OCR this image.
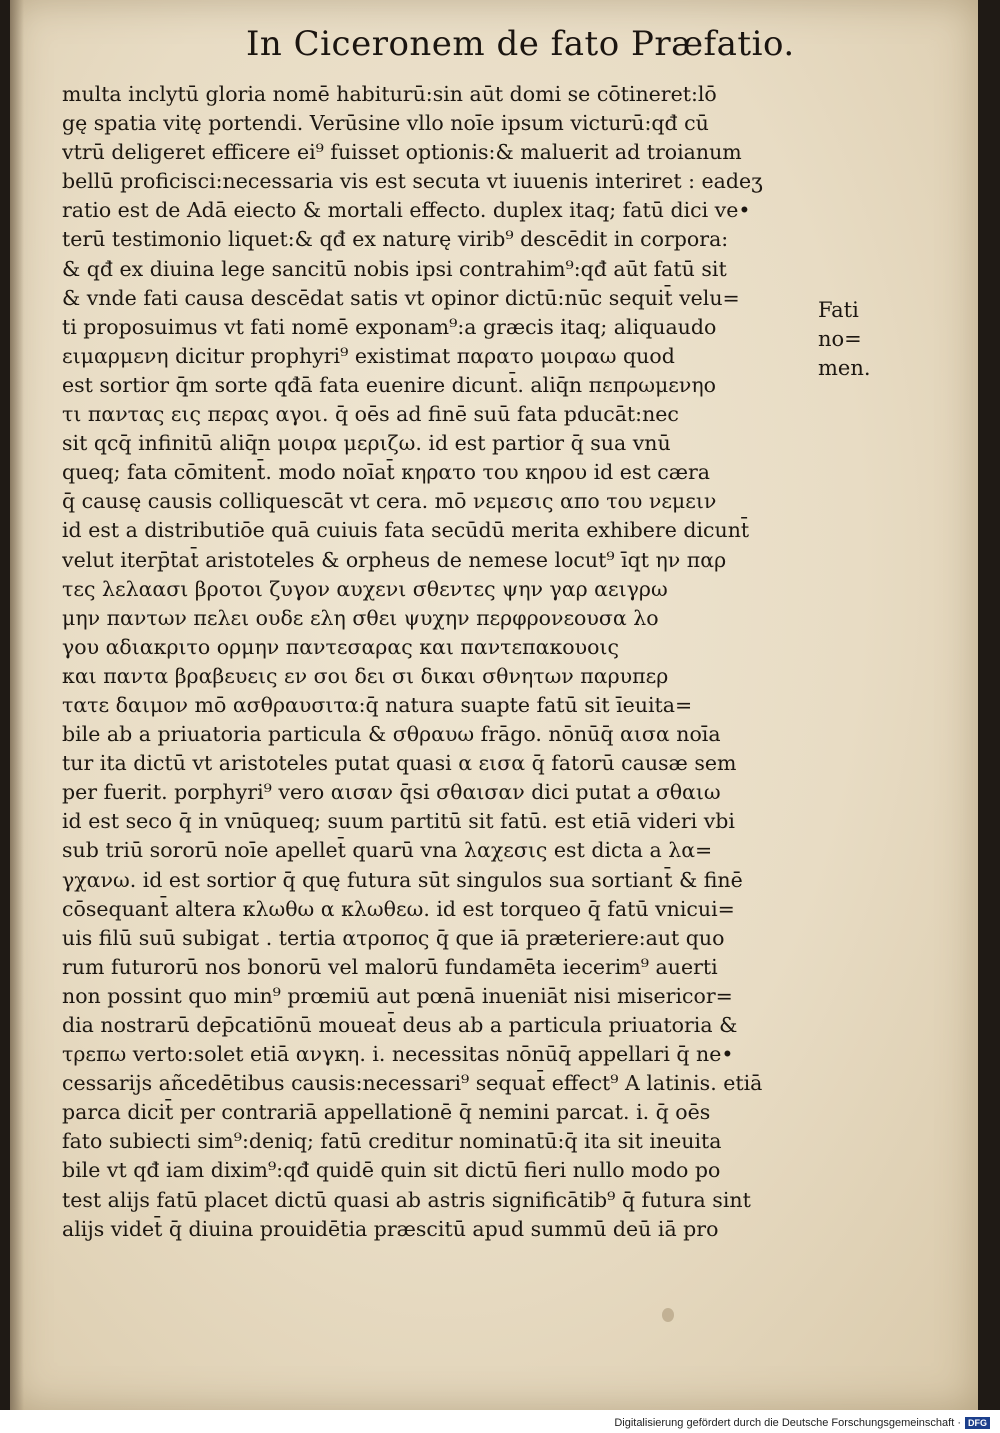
In Ciceronem de fato Præfatio.
multa inclytū gloria nomē habiturū:sin aūt domi se cōtineret:lō
gę spatia vitę portendi. Verūsine vllo noīe ipsum victurū:qđ cū
vtrū deligeret efficere ei⁹ fuisset optionis:& maluerit ad troianum
bellū proficisci:necessaria vis est secuta vt iuuenis interiret : eadeʒ
ratio est de Adā eiecto & mortali effecto. duplex itaq; fatū dici ve•
terū testimonio liquet:& qđ ex naturę virib⁹ descēdit in corpora:
& qđ ex diuina lege sancitū nobis ipsi contrahim⁹:qđ aūt fatū sit
& vnde fati causa descēdat satis vt opinor dictū:nūc sequit̄ velu=
ti proposuimus vt fati nomē exponam⁹:a græcis itaq; aliquaudo
ειμαρμενη dicitur prophyri⁹ existimat παρατο μοιραω quod
est sortior q̄m sorte qđā fata euenire dicunt̄. aliq̄n πεπρωμενηο
τι παντας εις περας αγοι. q̄ oēs ad finē suū fata pducāt:nec
sit qcq̄ infinitū aliq̄n μοιρα μεριζω. id est partior q̄ sua vnū
queq; fata cōmitent̄. modo noīat̄ κηρατο του κηρου id est cæra
q̄ causę causis colliquescāt vt cera. mō νεμεσις απο του νεμειν
id est a distributiōe quā cuiuis fata secūdū merita exhibere dicunt̄
velut iterp̄tat̄ aristoteles & orpheus de nemese locut⁹ īqt ην παρ
τες λελαασι βροτοι ζυγον αυχενι σθεντες ψην γαρ αειγρω
μην παντων πελει ουδε ελη σθει ψυχην περφρονεουσα λο
γου αδιακριτο ορμην παντεσαρας και παντεπακουοις
και παντα βραβευεις εν σοι δει σι δικαι σθνητων παρυπερ
τατε δαιμον mō ασθραυσιτα:q̄ natura suapte fatū sit īeuita=
bile ab a priuatoria particula & σθραυω frāgo. nōnūq̄ αισα noīa
tur ita dictū vt aristoteles putat quasi α εισα q̄ fatorū causæ sem
per fuerit. porphyri⁹ vero αισαν q̄si σθαισαν dici putat a σθαιω
id est seco q̄ in vnūqueq; suum partitū sit fatū. est etiā videri vbi
sub triū sororū noīe apellet̄ quarū vna λαχεσις est dicta a λα=
γχανω. id est sortior q̄ quę futura sūt singulos sua sortiant̄ & finē
cōsequant̄ altera κλωθω α κλωθεω. id est torqueo q̄ fatū vnicui=
uis filū suū subigat . tertia ατροπος q̄ que iā præteriere:aut quo
rum futurorū nos bonorū vel malorū fundamēta iecerim⁹ auerti
non possint quo min⁹ prœmiū aut pœnā inueniāt nisi misericor=
dia nostrarū dep̄catiōnū moueat̄ deus ab a particula priuatoria &
τρεπω verto:solet etiā ανγκη. i. necessitas nōnūq̄ appellari q̄ ne•
cessarijs añcedētibus causis:necessari⁹ sequat̄ effect⁹ A latinis. etiā
parca dicit̄ per contrariā appellationē q̄ nemini parcat. i. q̄ oēs
fato subiecti sim⁹:deniq; fatū creditur nominatū:q̄ ita sit ineuita
bile vt qđ iam dixim⁹:qđ quidē quin sit dictū fieri nullo modo po
test alijs fatū placet dictū quasi ab astris significātib⁹ q̄ futura sint
alijs videt̄ q̄ diuina prouidētia præscitū apud summū deū iā pro
Fati no=
men.
Digitalisierung gefördert durch die Deutsche Forschungsgemeinschaft · DFG
